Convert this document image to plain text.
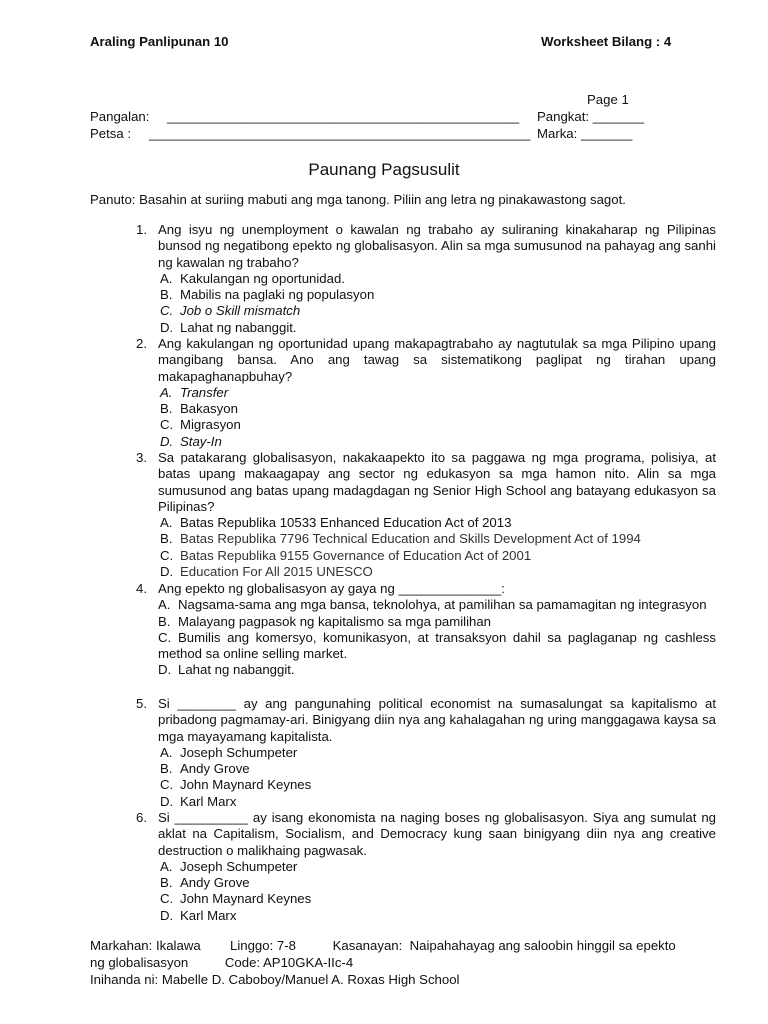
Araling Panlipunan 10	Worksheet Bilang : 4
Page 1
Pangalan: ________________________________________________ Pangkat: _______
Petsa : ____________________________________________________ Marka: _______
Paunang Pagsusulit
Panuto: Basahin at suriing mabuti ang mga tanong. Piliin ang letra ng pinakawastong sagot.
1. Ang isyu ng unemployment o kawalan ng trabaho ay suliraning kinakaharap ng Pilipinas bunsod ng negatibong epekto ng globalisasyon. Alin sa mga sumusunod na pahayag ang sanhi ng kawalan ng trabaho?
A. Kakulangan ng oportunidad.
B. Mabilis na paglaki ng populasyon
C. Job o Skill mismatch
D. Lahat ng nabanggit.
2. Ang kakulangan ng oportunidad upang makapagtrabaho ay nagtutulak sa mga Pilipino upang mangibang bansa. Ano ang tawag sa sistematikong paglipat ng tirahan upang makapaghanapbuhay?
A. Transfer
B. Bakasyon
C. Migrasyon
D. Stay-In
3. Sa patakarang globalisasyon, nakakaapekto ito sa paggawa ng mga programa, polisiya, at batas upang makaagapay ang sector ng edukasyon sa mga hamon nito. Alin sa mga sumusunod ang batas upang madagdagan ng Senior High School ang batayang edukasyon sa Pilipinas?
A. Batas Republika 10533 Enhanced Education Act of 2013
B. Batas Republika 7796 Technical Education and Skills Development Act of 1994
C. Batas Republika 9155 Governance of Education Act of 2001
D. Education For All 2015 UNESCO
4. Ang epekto ng globalisasyon ay gaya ng ______________:
A. Nagsama-sama ang mga bansa, teknolohya, at pamilihan sa pamamagitan ng integrasyon
B. Malayang pagpasok ng kapitalismo sa mga pamilihan
C. Bumilis ang komersyo, komunikasyon, at transaksyon dahil sa paglaganap ng cashless method sa online selling market.
D. Lahat ng nabanggit.
5. Si ________ ay ang pangunahing political economist na sumasalungat sa kapitalismo at pribadong pagmamay-ari. Binigyang diin nya ang kahalagahan ng uring manggagawa kaysa sa mga mayayamang kapitalista.
A. Joseph Schumpeter
B. Andy Grove
C. John Maynard Keynes
D. Karl Marx
6. Si __________ ay isang ekonomista na naging boses ng globalisasyon. Siya ang sumulat ng aklat na Capitalism, Socialism, and Democracy kung saan binigyang diin nya ang creative destruction o malikhaing pagwasak.
A. Joseph Schumpeter
B. Andy Grove
C. John Maynard Keynes
D. Karl Marx
Markahan: Ikalawa        Linggo: 7-8          Kasanayan:  Naipahahayag ang saloobin hinggil sa epekto
ng globalisasyon          Code: AP10GKA-IIc-4
Inihanda ni: Mabelle D. Caboboy/Manuel A. Roxas High School
